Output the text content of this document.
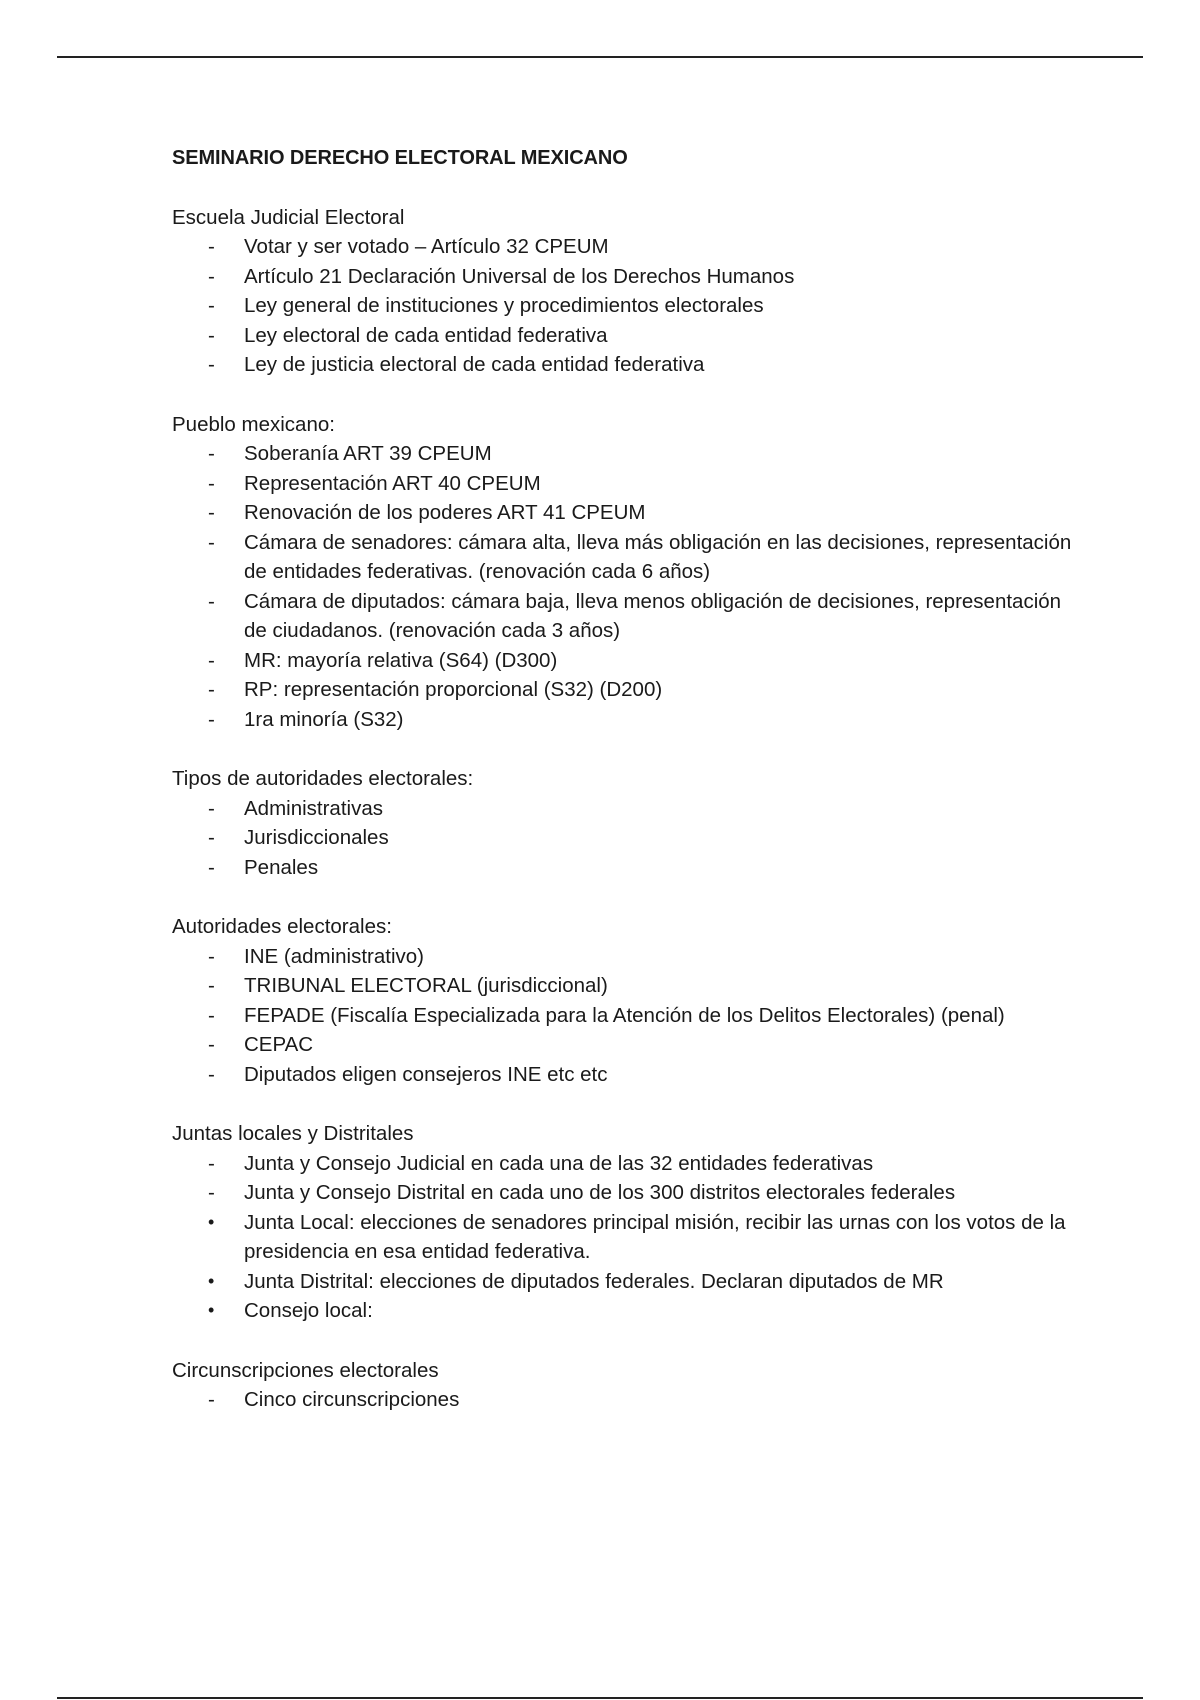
SEMINARIO DERECHO ELECTORAL MEXICANO

Escuela Judicial Electoral

-	Votar y ser votado – Artículo 32 CPEUM
-	Artículo 21 Declaración Universal de los Derechos Humanos
-	Ley general de instituciones y procedimientos electorales
-	Ley electoral de cada entidad federativa
-	Ley de justicia electoral de cada entidad federativa

Pueblo mexicano:

-	Soberanía ART 39 CPEUM
-	Representación ART 40 CPEUM
-	Renovación de los poderes ART 41 CPEUM
-	Cámara de senadores: cámara alta, lleva más obligación en las decisiones, representación de entidades federativas. (renovación cada 6 años)
-	Cámara de diputados: cámara baja, lleva menos obligación de decisiones, representación de ciudadanos. (renovación cada 3 años)
-	MR: mayoría relativa (S64) (D300)
-	RP: representación proporcional (S32) (D200)
-	1ra minoría (S32)

Tipos de autoridades electorales:

-	Administrativas
-	Jurisdiccionales
-	Penales

Autoridades electorales:

-	INE (administrativo)
-	TRIBUNAL ELECTORAL (jurisdiccional)
-	FEPADE (Fiscalía Especializada para la Atención de los Delitos Electorales) (penal)
-	CEPAC
-	Diputados eligen consejeros INE etc etc

Juntas locales y Distritales

-	Junta y Consejo Judicial en cada una de las 32 entidades federativas
-	Junta y Consejo Distrital en cada uno de los 300 distritos electorales federales
•	Junta Local: elecciones de senadores principal misión, recibir las urnas con los votos de la presidencia en esa entidad federativa.
•	Junta Distrital: elecciones de diputados federales. Declaran diputados de MR
•	Consejo local:

Circunscripciones electorales

-	Cinco circunscripciones
